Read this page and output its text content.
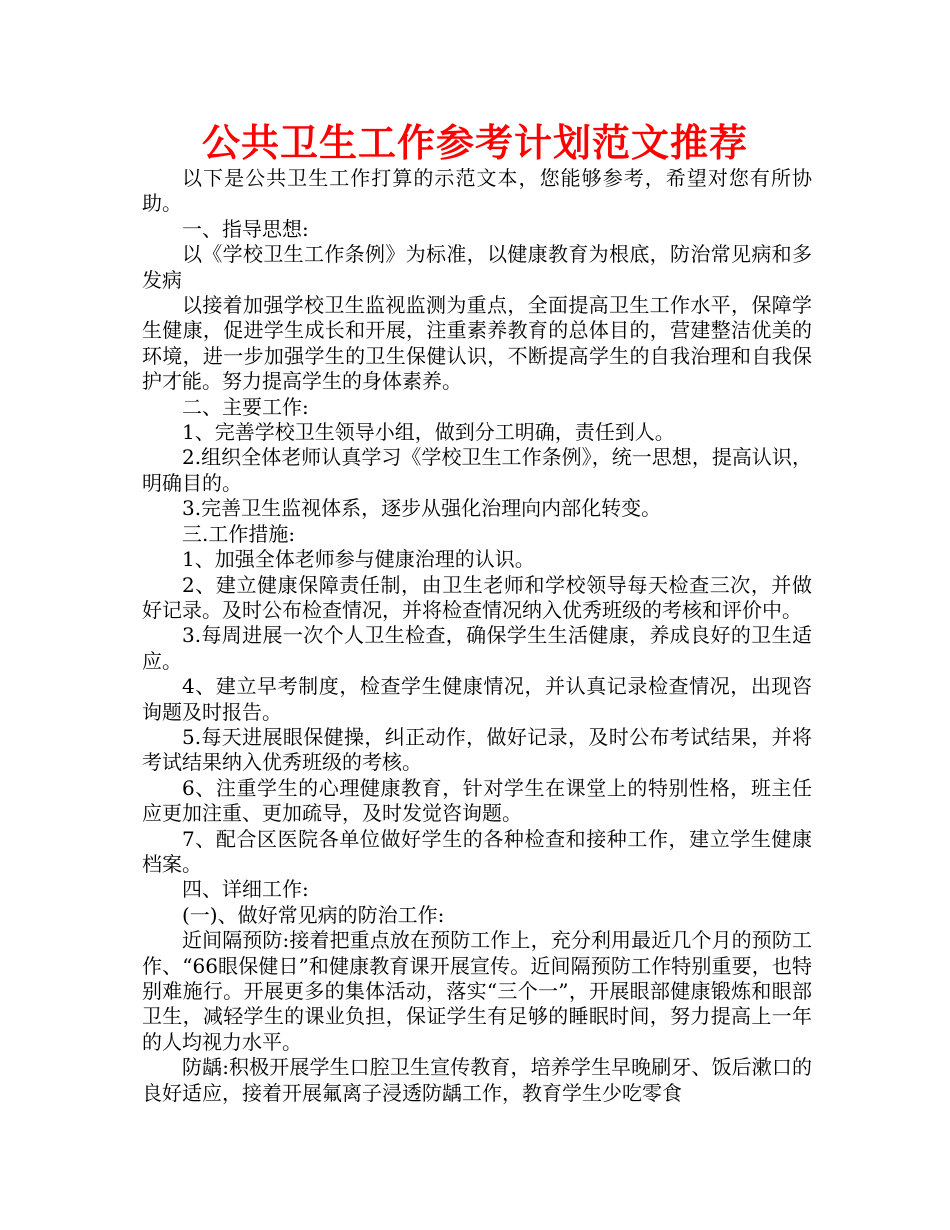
公共卫生工作参考计划范文推荐

以下是公共卫生工作打算的示范文本，您能够参考，希望对您有所协助。

一、指导思想:

以《学校卫生工作条例》为标准，以健康教育为根底，防治常见病和多发病

以接着加强学校卫生监视监测为重点，全面提高卫生工作水平，保障学生健康，促进学生成长和开展，注重素养教育的总体目的，营建整洁优美的环境，进一步加强学生的卫生保健认识，不断提高学生的自我治理和自我保护才能。努力提高学生的身体素养。

二、主要工作:

1、完善学校卫生领导小组，做到分工明确，责任到人。

2.组织全体老师认真学习《学校卫生工作条例》，统一思想，提高认识，明确目的。

3.完善卫生监视体系，逐步从强化治理向内部化转变。

三.工作措施:

1、加强全体老师参与健康治理的认识。

2、建立健康保障责任制，由卫生老师和学校领导每天检查三次，并做好记录。及时公布检查情况，并将检查情况纳入优秀班级的考核和评价中。

3.每周进展一次个人卫生检查，确保学生生活健康，养成良好的卫生适应。

4、建立早考制度，检查学生健康情况，并认真记录检查情况，出现咨询题及时报告。

5.每天进展眼保健操，纠正动作，做好记录，及时公布考试结果，并将考试结果纳入优秀班级的考核。

6、注重学生的心理健康教育，针对学生在课堂上的特别性格，班主任应更加注重、更加疏导，及时发觉咨询题。

7、配合区医院各单位做好学生的各种检查和接种工作，建立学生健康档案。

四、详细工作:

(一)、做好常见病的防治工作:

近间隔预防:接着把重点放在预防工作上，充分利用最近几个月的预防工作、“66眼保健日”和健康教育课开展宣传。近间隔预防工作特别重要，也特别难施行。开展更多的集体活动，落实“三个一”，开展眼部健康锻炼和眼部卫生，减轻学生的课业负担，保证学生有足够的睡眠时间，努力提高上一年的人均视力水平。

防龋:积极开展学生口腔卫生宣传教育，培养学生早晚刷牙、饭后漱口的良好适应，接着开展氟离子浸透防龋工作，教育学生少吃零食
